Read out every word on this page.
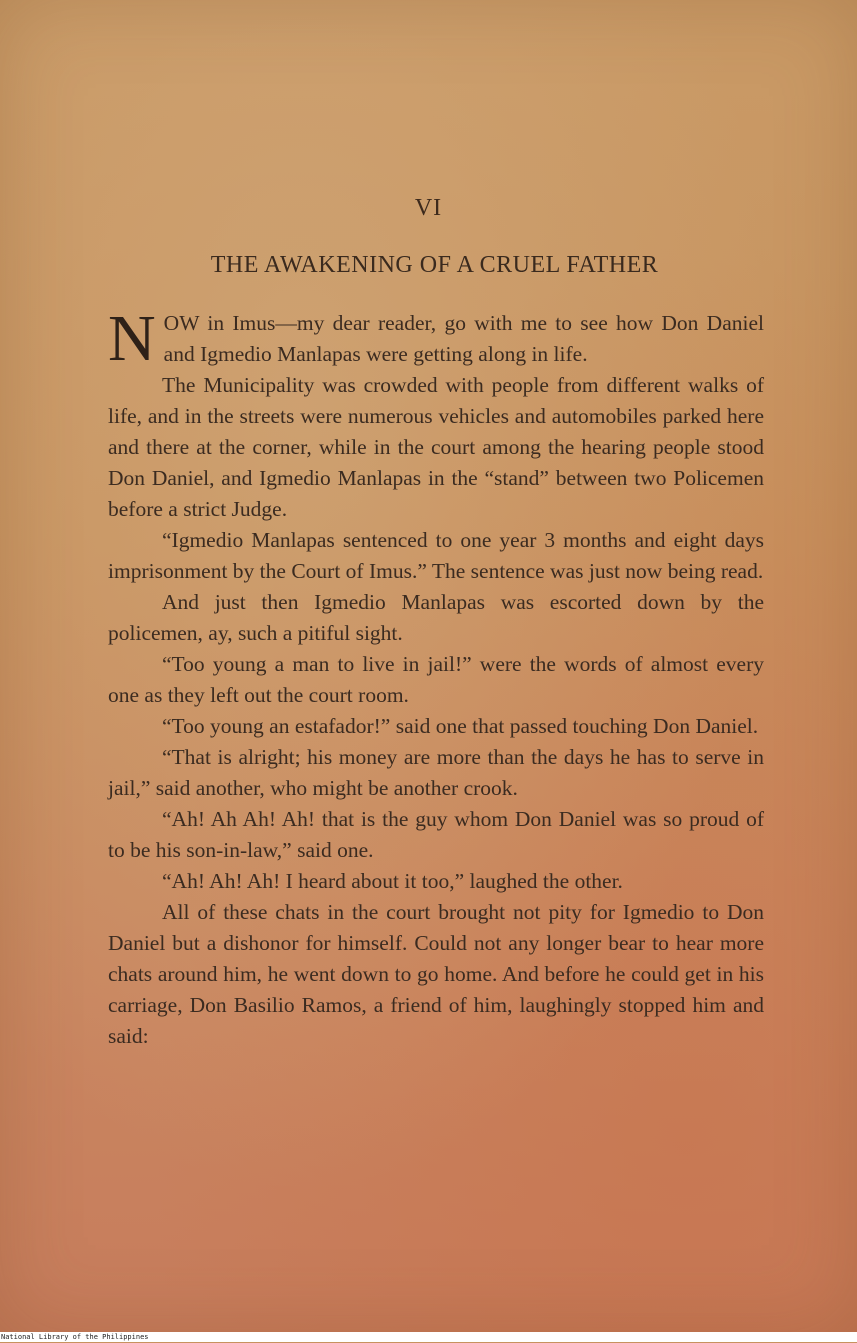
VI
THE AWAKENING OF A CRUEL FATHER

NOW in Imus—my dear reader, go with me to see how Don Daniel and Igmedio Manlapas were getting along in life.

The Municipality was crowded with people from different walks of life, and in the streets were numerous vehicles and automobiles parked here and there at the corner, while in the court among the hearing people stood Don Daniel, and Igmedio Manlapas in the “stand” between two Policemen before a strict Judge.

“Igmedio Manlapas sentenced to one year 3 months and eight days imprisonment by the Court of Imus.” The sentence was just now being read.

And just then Igmedio Manlapas was escorted down by the policemen, ay, such a pitiful sight.

“Too young a man to live in jail!” were the words of almost every one as they left out the court room.

“Too young an estafador!” said one that passed touching Don Daniel.

“That is alright; his money are more than the days he has to serve in jail,” said another, who might be another crook.

“Ah! Ah Ah! Ah! that is the guy whom Don Daniel was so proud of to be his son-in-law,” said one.

“Ah! Ah! Ah! I heard about it too,” laughed the other.

All of these chats in the court brought not pity for Igmedio to Don Daniel but a dishonor for himself. Could not any longer bear to hear more chats around him, he went down to go home. And before he could get in his carriage, Don Basilio Ramos, a friend of him, laughingly stopped him and said:

National Library of the Philippines
